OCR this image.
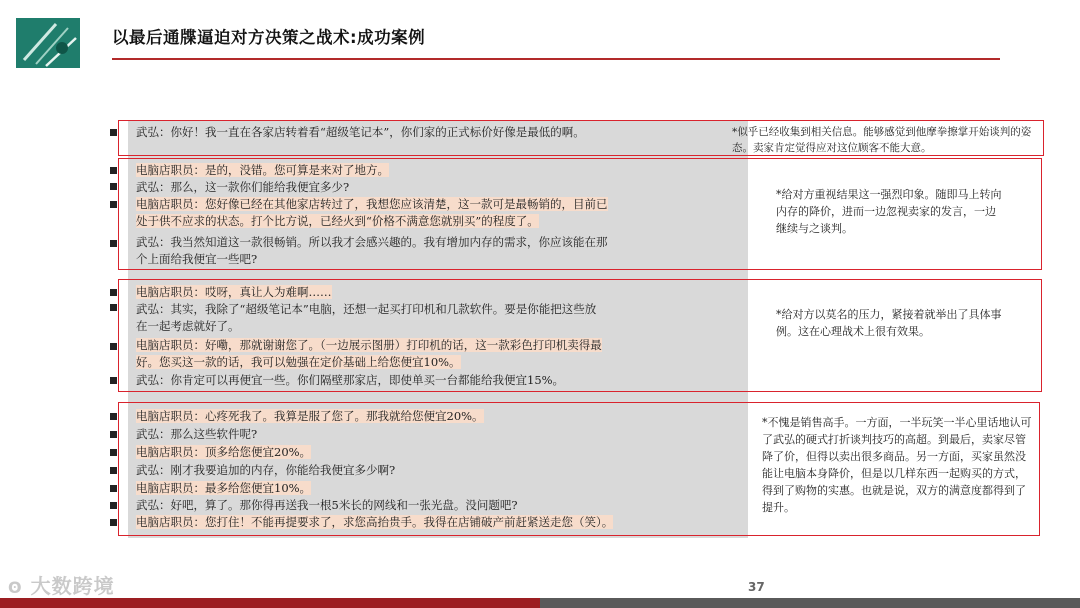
以最后通牒逼迫对方决策之战术:成功案例
武弘：你好！我一直在各家店转着看“超级笔记本”，你们家的正式标价好像是最低的啊。	*似乎已经收集到相关信息。能够感觉到他摩拳擦掌开始谈判的姿态。卖家肯定觉得应对这位顾客不能大意。
电脑店职员：是的，没错。您可算是来对了地方。
武弘：那么，这一款你们能给我便宜多少?
电脑店职员：您好像已经在其他家店转过了，我想您应该清楚，这一款可是最畅销的，目前已
处于供不应求的状态。打个比方说，已经火到“价格不满意您就别买”的程度了。
武弘：我当然知道这一款很畅销。所以我才会感兴趣的。我有增加内存的需求，你应该能在那
个上面给我便宜一些吧?
*给对方重视结果这一强烈印象。随即马上转向内存的降价，进而一边忽视卖家的发言，一边继续与之谈判。
电脑店职员：哎呀，真让人为难啊……
武弘：其实，我除了“超级笔记本”电脑，还想一起买打印机和几款软件。要是你能把这些放
在一起考虑就好了。
电脑店职员：好嘞，那就谢谢您了。（一边展示图册）打印机的话，这一款彩色打印机卖得最
好。您买这一款的话，我可以勉强在定价基础上给您便宜10%。
武弘：你肯定可以再便宜一些。你们隔壁那家店，即使单买一台都能给我便宜15%。
*给对方以莫名的压力，紧接着就举出了具体事例。这在心理战术上很有效果。
电脑店职员：心疼死我了。我算是服了您了。那我就给您便宜20%。
武弘：那么这些软件呢?
电脑店职员：顶多给您便宜20%。
武弘：刚才我要追加的内存，你能给我便宜多少啊?
电脑店职员：最多给您便宜10%。
武弘：好吧，算了。那你得再送我一根5米长的网线和一张光盘。没问题吧?
电脑店职员：您打住！不能再提要求了，求您高抬贵手。我得在店铺破产前赶紧送走您（笑）。
*不愧是销售高手。一方面，一半玩笑一半心里话地认可了武弘的硬式打折谈判技巧的高超。到最后，卖家尽管降了价，但得以卖出很多商品。另一方面，买家虽然没能让电脑本身降价，但是以几样东西一起购买的方式，得到了购物的实惠。也就是说，双方的满意度都得到了提升。
ʘ 大数跨境	37
